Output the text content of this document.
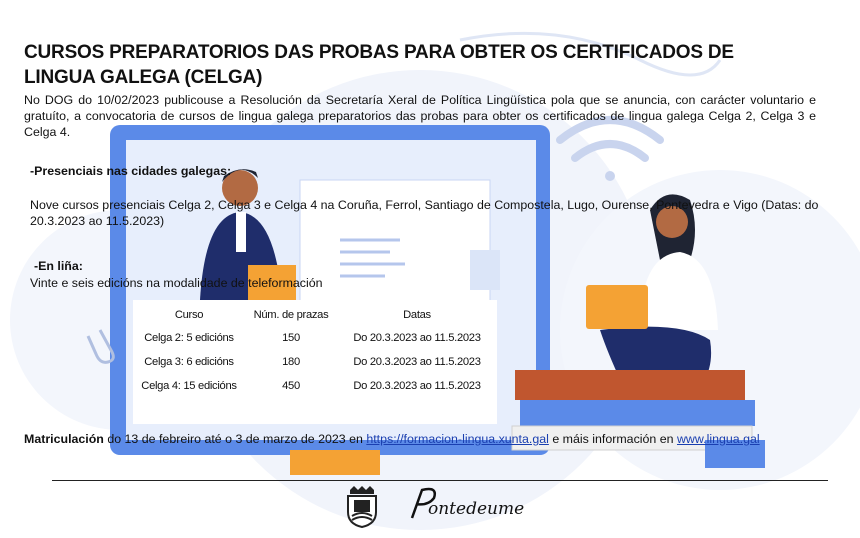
CURSOS PREPARATORIOS DAS PROBAS PARA OBTER OS CERTIFICADOS DE LINGUA GALEGA (CELGA)
No DOG do 10/02/2023 publicouse a Resolución da Secretaría Xeral de Política Lingüística pola que se anuncia, con carácter voluntario e gratuíto, a convocatoria de cursos de lingua galega preparatorios das probas para obter os certificados de lingua galega Celga 2, Celga 3 e Celga 4.
-Presenciais nas cidades galegas:
Nove cursos presenciais Celga 2, Celga 3 e Celga 4 na Coruña, Ferrol, Santiago de Compostela, Lugo, Ourense, Pontevedra e Vigo (Datas: do 20.3.2023 ao 11.5.2023)
-En liña:
Vinte e seis edicións na modalidade de teleformación
Curso	Núm. de prazas	Datas
Celga 2: 5 edicións	150	Do 20.3.2023 ao 11.5.2023
Celga 3: 6 edicións	180	Do 20.3.2023 ao 11.5.2023
Celga 4: 15 edicións	450	Do 20.3.2023 ao 11.5.2023
Matriculación do 13 de febreiro até o 3 de marzo de 2023 en https://formacion-lingua.xunta.gal e máis información en www.lingua.gal
ontedeume
